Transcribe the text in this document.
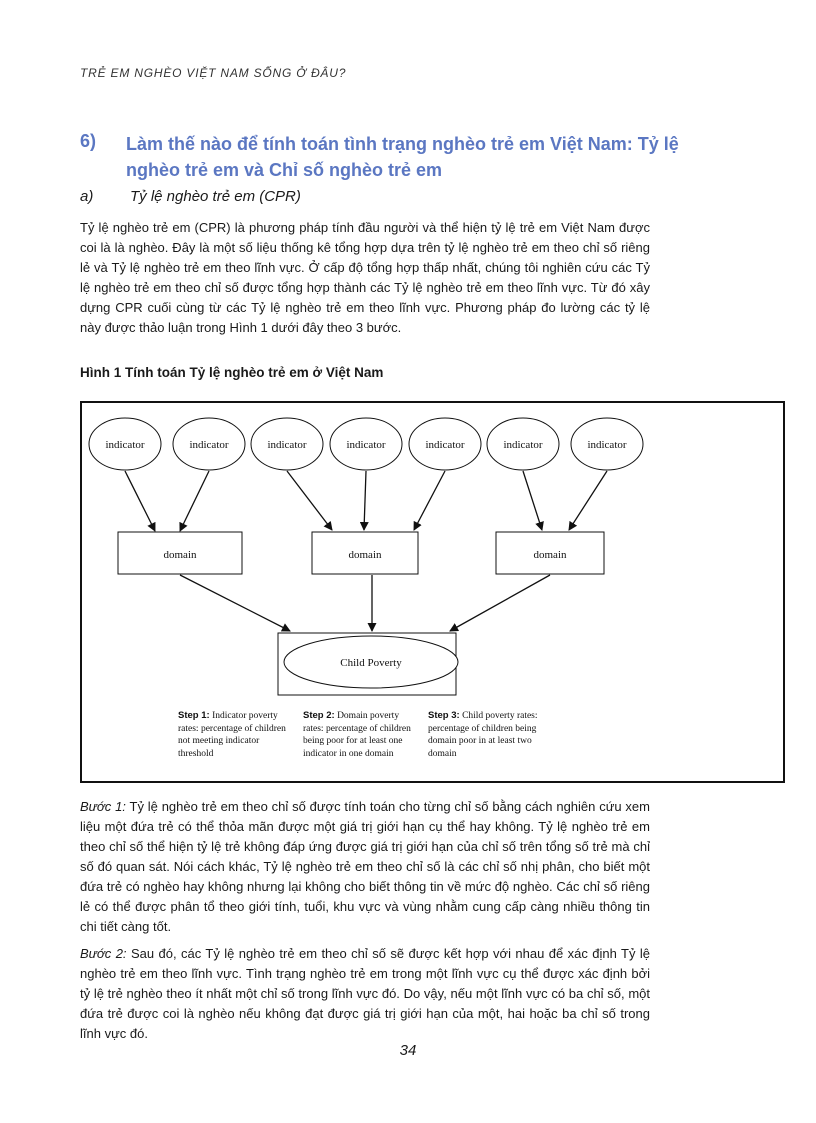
TRẺ EM NGHÈO VIỆT NAM SỐNG Ở ĐÂU?
6) Làm thế nào để tính toán tình trạng nghèo trẻ em Việt Nam: Tỷ lệ nghèo trẻ em và Chỉ số nghèo trẻ em
a) Tỷ lệ nghèo trẻ em (CPR)
Tỷ lệ nghèo trẻ em (CPR) là phương pháp tính đầu người và thể hiện tỷ lệ trẻ em Việt Nam được coi là là nghèo. Đây là một số liệu thống kê tổng hợp dựa trên tỷ lệ nghèo trẻ em theo chỉ số riêng lẻ và Tỷ lệ nghèo trẻ em theo lĩnh vực. Ở cấp độ tổng hợp thấp nhất, chúng tôi nghiên cứu các Tỷ lệ nghèo trẻ em theo chỉ số được tổng hợp thành các Tỷ lệ nghèo trẻ em theo lĩnh vực. Từ đó xây dựng CPR cuối cùng từ các Tỷ lệ nghèo trẻ em theo lĩnh vực. Phương pháp đo lường các tỷ lệ này được thảo luận trong Hình 1 dưới đây theo 3 bước.
Hình 1 Tính toán Tỷ lệ nghèo trẻ em ở Việt Nam
indicator	indicator	indicator	indicator	indicator	indicator	indicator
domain	domain	domain
Child Poverty
Step 1: Indicator poverty rates: percentage of children not meeting indicator threshold
Step 2: Domain poverty rates: percentage of children being poor for at least one indicator in one domain
Step 3: Child poverty rates: percentage of children being domain poor in at least two domain
Bước 1: Tỷ lệ nghèo trẻ em theo chỉ số được tính toán cho từng chỉ số bằng cách nghiên cứu xem liệu một đứa trẻ có thể thỏa mãn được một giá trị giới hạn cụ thể hay không. Tỷ lệ nghèo trẻ em theo chỉ số thể hiện tỷ lệ trẻ không đáp ứng được giá trị giới hạn của chỉ số trên tổng số trẻ mà chỉ số đó quan sát. Nói cách khác, Tỷ lệ nghèo trẻ em theo chỉ số là các chỉ số nhị phân, cho biết một đứa trẻ có nghèo hay không nhưng lại không cho biết thông tin về mức độ nghèo. Các chỉ số riêng lẻ có thể được phân tổ theo giới tính, tuổi, khu vực và vùng nhằm cung cấp càng nhiều thông tin chi tiết càng tốt.
Bước 2: Sau đó, các Tỷ lệ nghèo trẻ em theo chỉ số sẽ được kết hợp với nhau để xác định Tỷ lệ nghèo trẻ em theo lĩnh vực. Tình trạng nghèo trẻ em trong một lĩnh vực cụ thể được xác định bởi tỷ lệ trẻ nghèo theo ít nhất một chỉ số trong lĩnh vực đó. Do vậy, nếu một lĩnh vực có ba chỉ số, một đứa trẻ được coi là nghèo nếu không đạt được giá trị giới hạn của một, hai hoặc ba chỉ số trong lĩnh vực đó.
34
